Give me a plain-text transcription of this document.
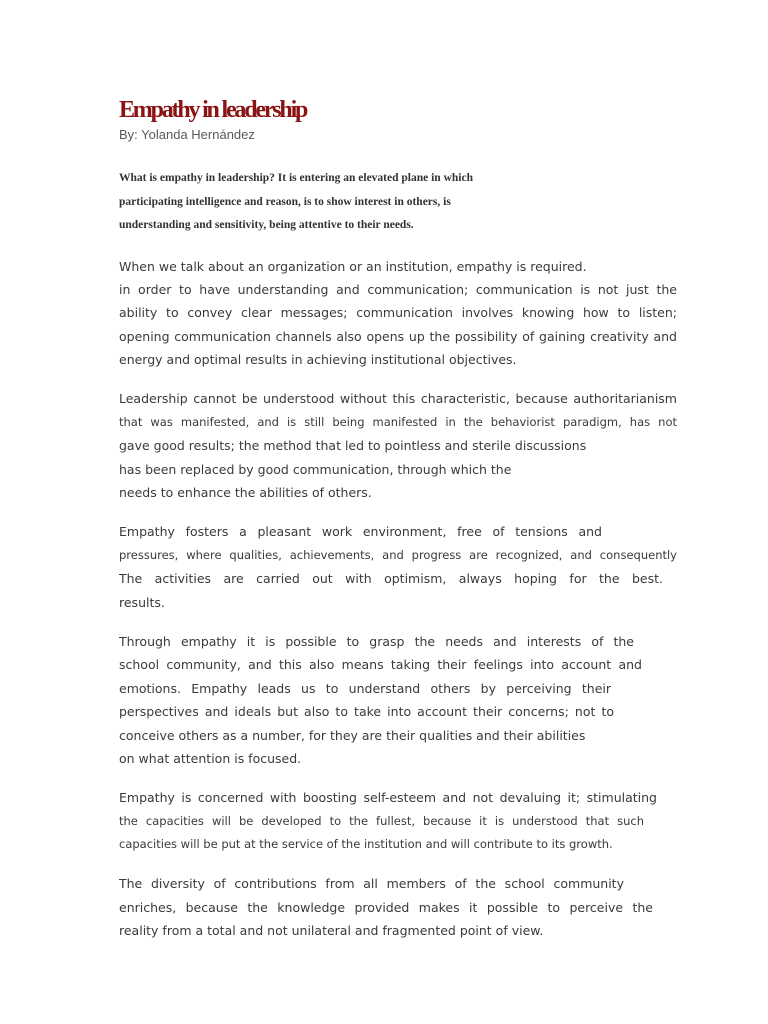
Empathy in leadership
By: Yolanda Hernández
What is empathy in leadership? It is entering an elevated plane in which
participating intelligence and reason, is to show interest in others, is
understanding and sensitivity, being attentive to their needs.
When we talk about an organization or an institution, empathy is required.
in order to have understanding and communication; communication is not just the
ability to convey clear messages; communication involves knowing how to listen;
opening communication channels also opens up the possibility of gaining creativity and
energy and optimal results in achieving institutional objectives.
Leadership cannot be understood without this characteristic, because authoritarianism
that was manifested, and is still being manifested in the behaviorist paradigm, has not
gave good results; the method that led to pointless and sterile discussions
has been replaced by good communication, through which the
needs to enhance the abilities of others.
Empathy fosters a pleasant work environment, free of tensions and
pressures, where qualities, achievements, and progress are recognized, and consequently
The activities are carried out with optimism, always hoping for the best.
results.
Through empathy it is possible to grasp the needs and interests of the
school community, and this also means taking their feelings into account and
emotions. Empathy leads us to understand others by perceiving their
perspectives and ideals but also to take into account their concerns; not to
conceive others as a number, for they are their qualities and their abilities
on what attention is focused.
Empathy is concerned with boosting self-esteem and not devaluing it; stimulating
the capacities will be developed to the fullest, because it is understood that such
capacities will be put at the service of the institution and will contribute to its growth.
The diversity of contributions from all members of the school community
enriches, because the knowledge provided makes it possible to perceive the
reality from a total and not unilateral and fragmented point of view.
